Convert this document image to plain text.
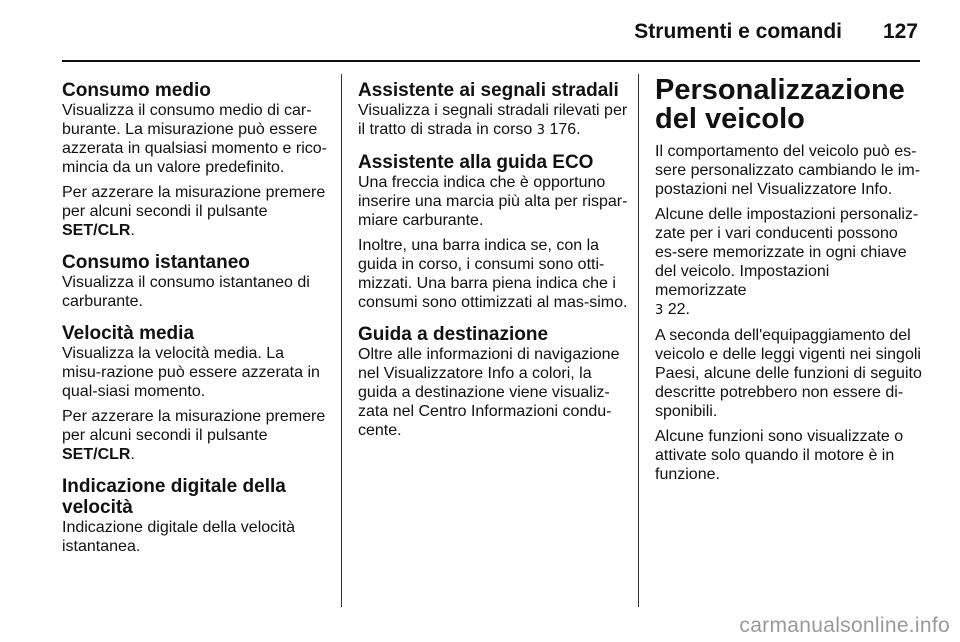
Strumenti e comandi 127
Consumo medio

Visualizza il consumo medio di car-burante. La misurazione può essere azzerata in qualsiasi momento e rico-mincia da un valore predefinito.

Per azzerare la misurazione premere per alcuni secondi il pulsante SET/CLR.

Consumo istantaneo

Visualizza il consumo istantaneo di carburante.

Velocità media

Visualizza la velocità media. La misu-razione può essere azzerata in qual-siasi momento.

Per azzerare la misurazione premere per alcuni secondi il pulsante SET/CLR.

Indicazione digitale della velocità

Indicazione digitale della velocità istantanea.

Assistente ai segnali stradali

Visualizza i segnali stradali rilevati per il tratto di strada in corso 3 176.

Assistente alla guida ECO

Una freccia indica che è opportuno inserire una marcia più alta per rispar-miare carburante.

Inoltre, una barra indica se, con la guida in corso, i consumi sono otti-mizzati. Una barra piena indica che i consumi sono ottimizzati al mas-simo.

Guida a destinazione

Oltre alle informazioni di navigazione nel Visualizzatore Info a colori, la guida a destinazione viene visualiz-zata nel Centro Informazioni condu-cente.

Personalizzazione del veicolo

Il comportamento del veicolo può es-sere personalizzato cambiando le im-postazioni nel Visualizzatore Info.

Alcune delle impostazioni personaliz-zate per i vari conducenti possono es-sere memorizzate in ogni chiave del veicolo. Impostazioni memorizzate
3 22.

A seconda dell'equipaggiamento del veicolo e delle leggi vigenti nei singoli Paesi, alcune delle funzioni di seguito descritte potrebbero non essere di-sponibili.

Alcune funzioni sono visualizzate o attivate solo quando il motore è in funzione.

carmanualsonline.info
